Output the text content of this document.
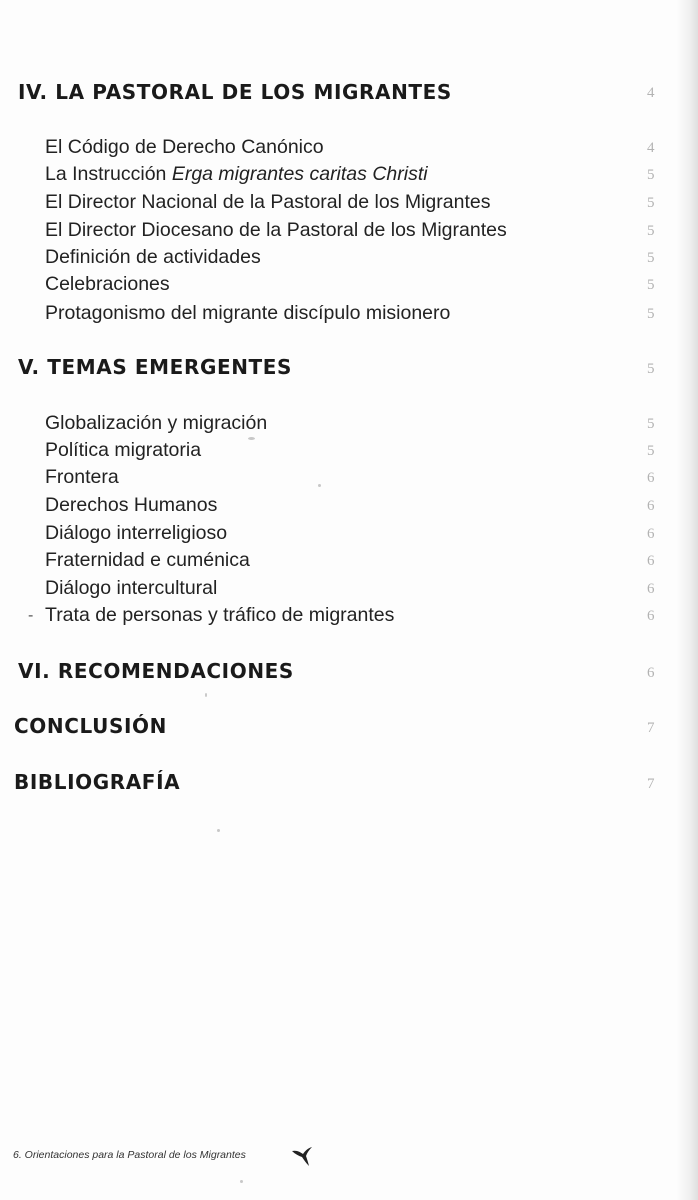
IV. LA PASTORAL DE LOS MIGRANTES	4
El Código de Derecho Canónico	4
La Instrucción Erga migrantes caritas Christi	5
El Director Nacional de la Pastoral de los Migrantes	5
El Director Diocesano de la Pastoral de los Migrantes	5
Definición de actividades	5
Celebraciones	5
Protagonismo del migrante discípulo misionero	5
V. TEMAS EMERGENTES	5
Globalización y migración	5
Política migratoria	5
Frontera	6
Derechos Humanos	6
Diálogo interreligioso	6
Fraternidad e cuménica	6
Diálogo intercultural	6
- Trata de personas y tráfico de migrantes	6
VI. RECOMENDACIONES	6
CONCLUSIÓN	7
BIBLIOGRAFÍA	7
6. Orientaciones para la Pastoral de los Migrantes
